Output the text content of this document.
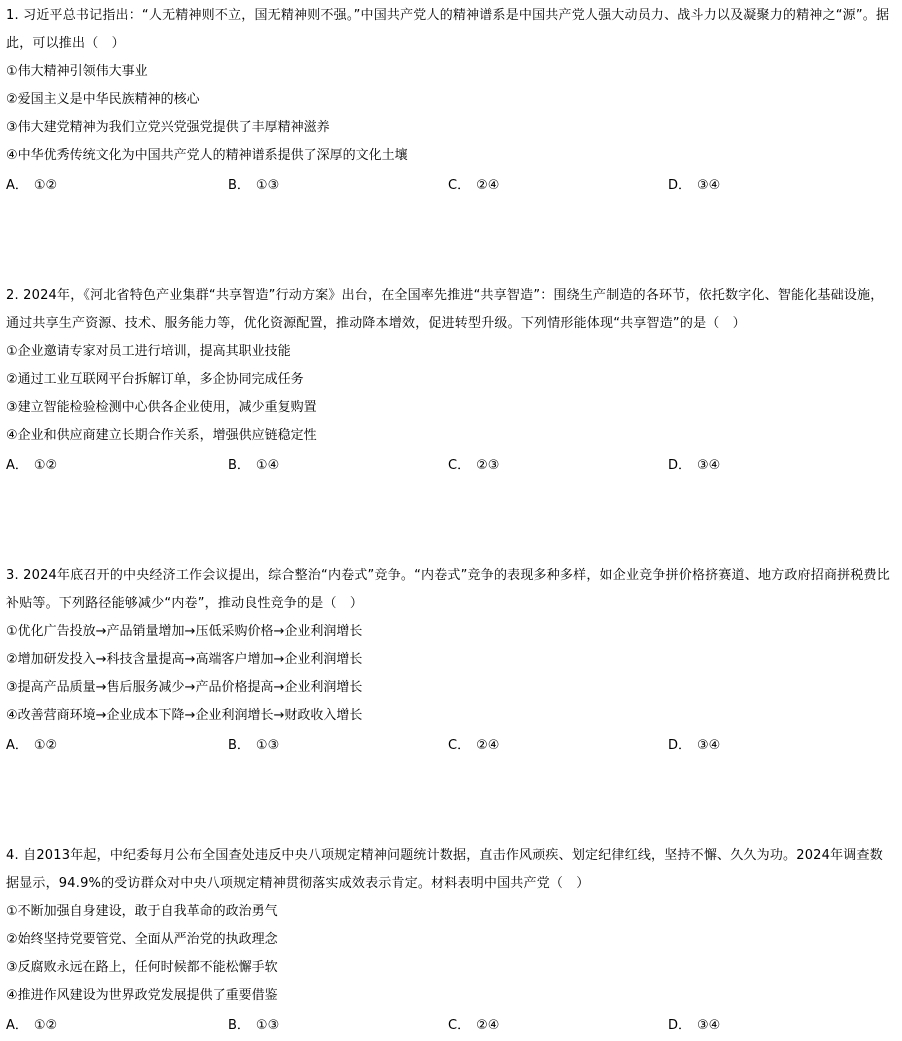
1. 习近平总书记指出：“人无精神则不立，国无精神则不强。”中国共产党人的精神谱系是中国共产党人强大动员力、战斗力以及凝聚力的精神之“源”。据此，可以推出（　）

①伟大精神引领伟大事业
②爱国主义是中华民族精神的核心
③伟大建党精神为我们立党兴党强党提供了丰厚精神滋养
④中华优秀传统文化为中国共产党人的精神谱系提供了深厚的文化土壤
A． ①②	B． ①③	C． ②④	D． ③④

2. 2024年，《河北省特色产业集群“共享智造”行动方案》出台，在全国率先推进“共享智造”：围绕生产制造的各环节，依托数字化、智能化基础设施，通过共享生产资源、技术、服务能力等，优化资源配置，推动降本增效，促进转型升级。下列情形能体现“共享智造”的是（　）

①企业邀请专家对员工进行培训，提高其职业技能
②通过工业互联网平台拆解订单，多企协同完成任务
③建立智能检验检测中心供各企业使用，减少重复购置
④企业和供应商建立长期合作关系，增强供应链稳定性
A． ①②	B． ①④	C． ②③	D． ③④

3. 2024年底召开的中央经济工作会议提出，综合整治“内卷式”竞争。“内卷式”竞争的表现多种多样，如企业竞争拼价格挤赛道、地方政府招商拼税费比补贴等。下列路径能够减少“内卷”，推动良性竞争的是（　）

①优化广告投放→产品销量增加→压低采购价格→企业利润增长
②增加研发投入→科技含量提高→高端客户增加→企业利润增长
③提高产品质量→售后服务减少→产品价格提高→企业利润增长
④改善营商环境→企业成本下降→企业利润增长→财政收入增长
A． ①②	B． ①③	C． ②④	D． ③④

4. 自2013年起，中纪委每月公布全国查处违反中央八项规定精神问题统计数据，直击作风顽疾、划定纪律红线，坚持不懈、久久为功。2024年调查数据显示，94.9%的受访群众对中央八项规定精神贯彻落实成效表示肯定。材料表明中国共产党（　）

①不断加强自身建设，敢于自我革命的政治勇气
②始终坚持党要管党、全面从严治党的执政理念
③反腐败永远在路上，任何时候都不能松懈手软
④推进作风建设为世界政党发展提供了重要借鉴
A． ①②	B． ①③	C． ②④	D． ③④
